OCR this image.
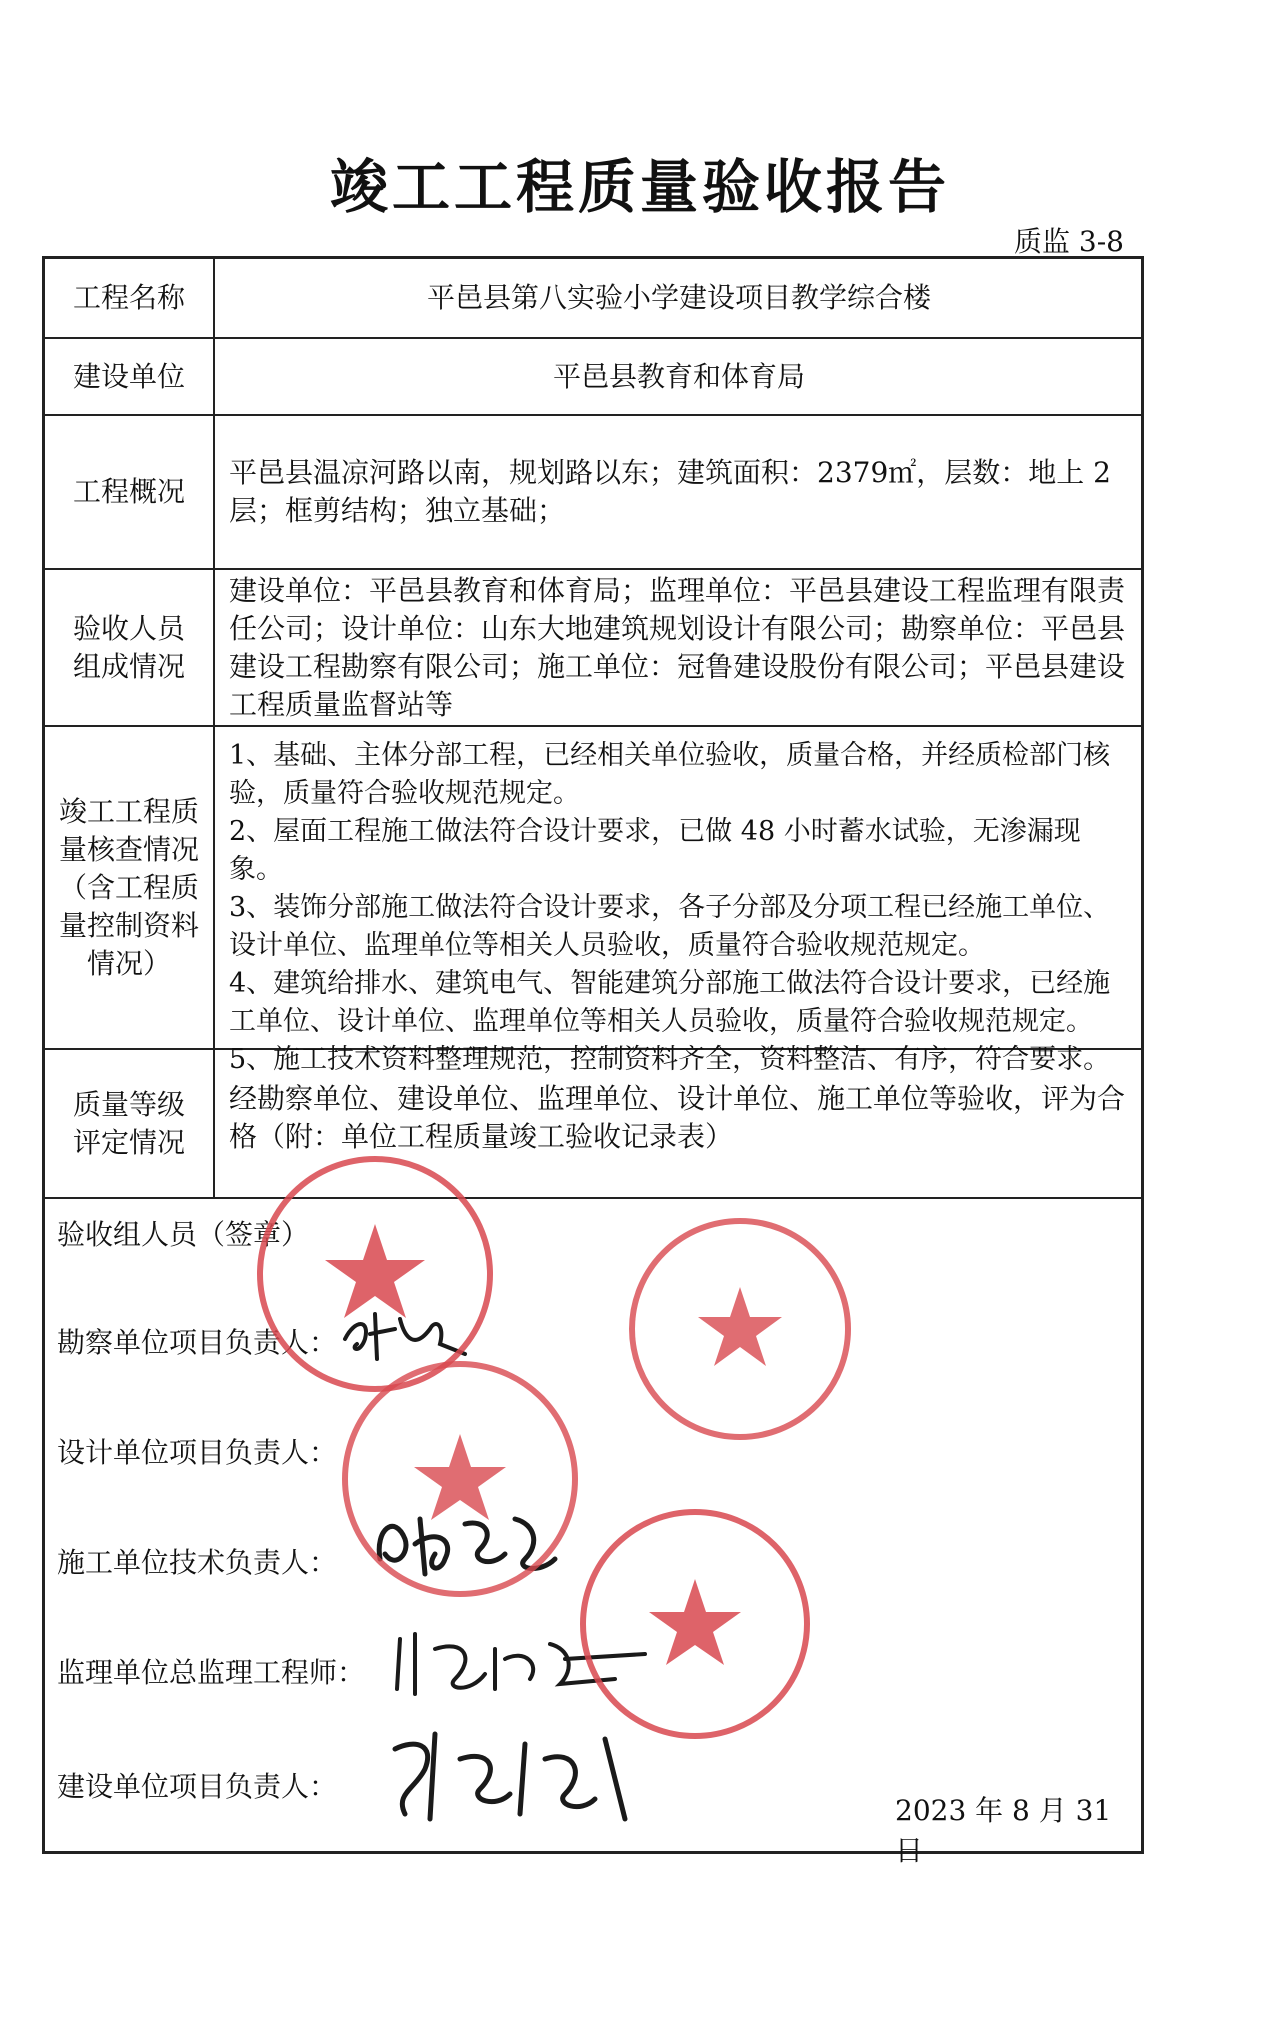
竣工工程质量验收报告
质监 3-8
工程名称	平邑县第八实验小学建设项目教学综合楼

建设单位	平邑县教育和体育局

工程概况

平邑县温凉河路以南，规划路以东；建筑面积：2379㎡，层数：地上 2 层；框剪结构；独立基础；

验收人员
组成情况

建设单位：平邑县教育和体育局；监理单位：平邑县建设工程监理有限责任公司；设计单位：山东大地建筑规划设计有限公司；勘察单位：平邑县建设工程勘察有限公司；施工单位：冠鲁建设股份有限公司；平邑县建设工程质量监督站等

竣工工程质
量核查情况
（含工程质
量控制资料
情况）
1、基础、主体分部工程，已经相关单位验收，质量合格，并经质检部门核验，质量符合验收规范规定。
2、屋面工程施工做法符合设计要求，已做 48 小时蓄水试验，无渗漏现象。
3、装饰分部施工做法符合设计要求，各子分部及分项工程已经施工单位、设计单位、监理单位等相关人员验收，质量符合验收规范规定。
4、建筑给排水、建筑电气、智能建筑分部施工做法符合设计要求，已经施工单位、设计单位、监理单位等相关人员验收，质量符合验收规范规定。
5、施工技术资料整理规范，控制资料齐全，资料整洁、有序，符合要求。
质量等级
评定情况

经勘察单位、建设单位、监理单位、设计单位、施工单位等验收，评为合格（附：单位工程质量竣工验收记录表）

验收组人员（签章）
勘察单位项目负责人：
设计单位项目负责人：
施工单位技术负责人：
监理单位总监理工程师：
建设单位项目负责人：
2023 年 8 月 31 日
